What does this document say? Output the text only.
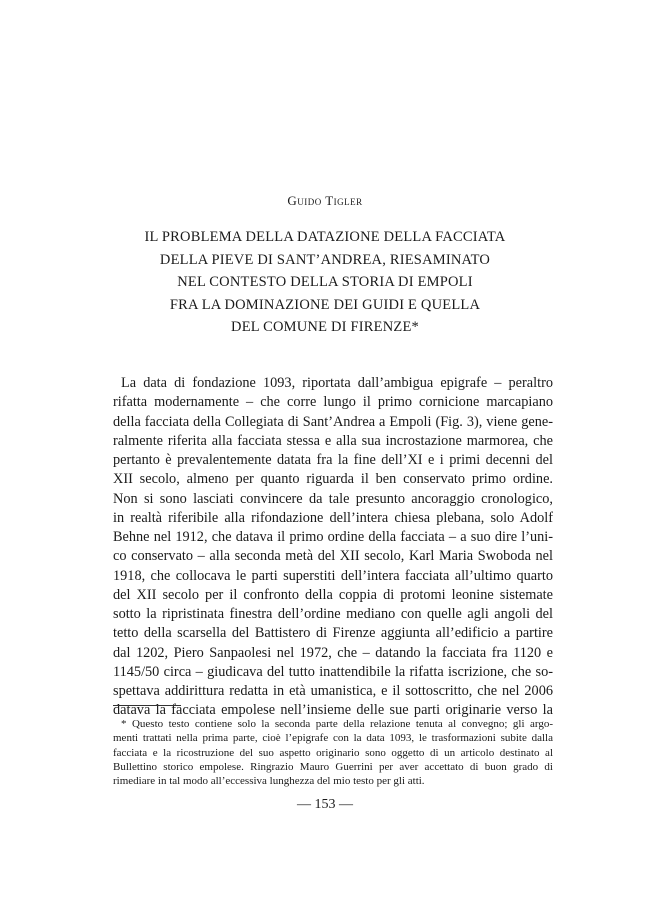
Guido Tigler
IL PROBLEMA DELLA DATAZIONE DELLA FACCIATA
DELLA PIEVE DI SANT’ANDREA, RIESAMINATO
NEL CONTESTO DELLA STORIA DI EMPOLI
FRA LA DOMINAZIONE DEI GUIDI E QUELLA
DEL COMUNE DI FIRENZE*
La data di fondazione 1093, riportata dall’ambigua epigrafe – peraltro
rifatta modernamente – che corre lungo il primo cornicione marcapiano
della facciata della Collegiata di Sant’Andrea a Empoli (Fig. 3), viene gene-
ralmente riferita alla facciata stessa e alla sua incrostazione marmorea, che
pertanto è prevalentemente datata fra la fine dell’XI e i primi decenni del
XII secolo, almeno per quanto riguarda il ben conservato primo ordine.
Non si sono lasciati convincere da tale presunto ancoraggio cronologico,
in realtà riferibile alla rifondazione dell’intera chiesa plebana, solo Adolf
Behne nel 1912, che datava il primo ordine della facciata – a suo dire l’uni-
co conservato – alla seconda metà del XII secolo, Karl Maria Swoboda nel
1918, che collocava le parti superstiti dell’intera facciata all’ultimo quarto
del XII secolo per il confronto della coppia di protomi leonine sistemate
sotto la ripristinata finestra dell’ordine mediano con quelle agli angoli del
tetto della scarsella del Battistero di Firenze aggiunta all’edificio a partire
dal 1202, Piero Sanpaolesi nel 1972, che – datando la facciata fra 1120 e
1145/50 circa – giudicava del tutto inattendibile la rifatta iscrizione, che so-
spettava addirittura redatta in età umanistica, e il sottoscritto, che nel 2006
datava la facciata empolese nell’insieme delle sue parti originarie verso la
* Questo testo contiene solo la seconda parte della relazione tenuta al convegno; gli argo-
menti trattati nella prima parte, cioè l’epigrafe con la data 1093, le trasformazioni subite dalla
facciata e la ricostruzione del suo aspetto originario sono oggetto di un articolo destinato al
Bullettino storico empolese. Ringrazio Mauro Guerrini per aver accettato di buon grado di
rimediare in tal modo all’eccessiva lunghezza del mio testo per gli atti.
— 153 —
